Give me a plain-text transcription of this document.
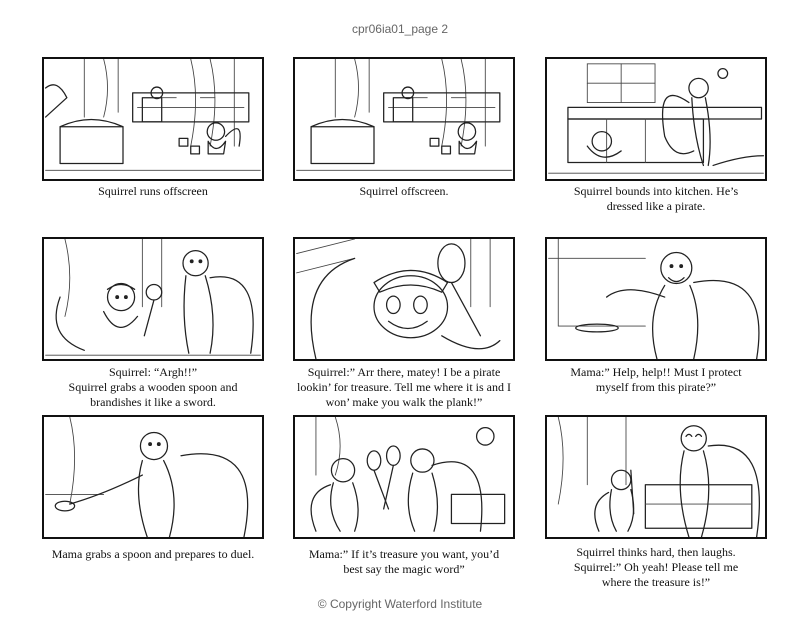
cpr06ia01_page 2
Squirrel runs offscreen	Squirrel offscreen.	Squirrel bounds into kitchen. He’s
dressed like a pirate.
Squirrel: “Argh!!”
Squirrel grabs a wooden spoon and
brandishes it like a sword.
Squirrel:” Arr there, matey! I be a pirate
lookin’ for treasure. Tell me where it is and I
won’ make you walk the plank!”
Mama:” Help, help!! Must I protect
myself from this pirate?”
Mama grabs a spoon and prepares to duel.	Mama:” If it’s treasure you want, you’d
best say the magic word”
Squirrel thinks hard, then laughs.
Squirrel:” Oh yeah! Please tell me
where the treasure is!”
© Copyright Waterford Institute
